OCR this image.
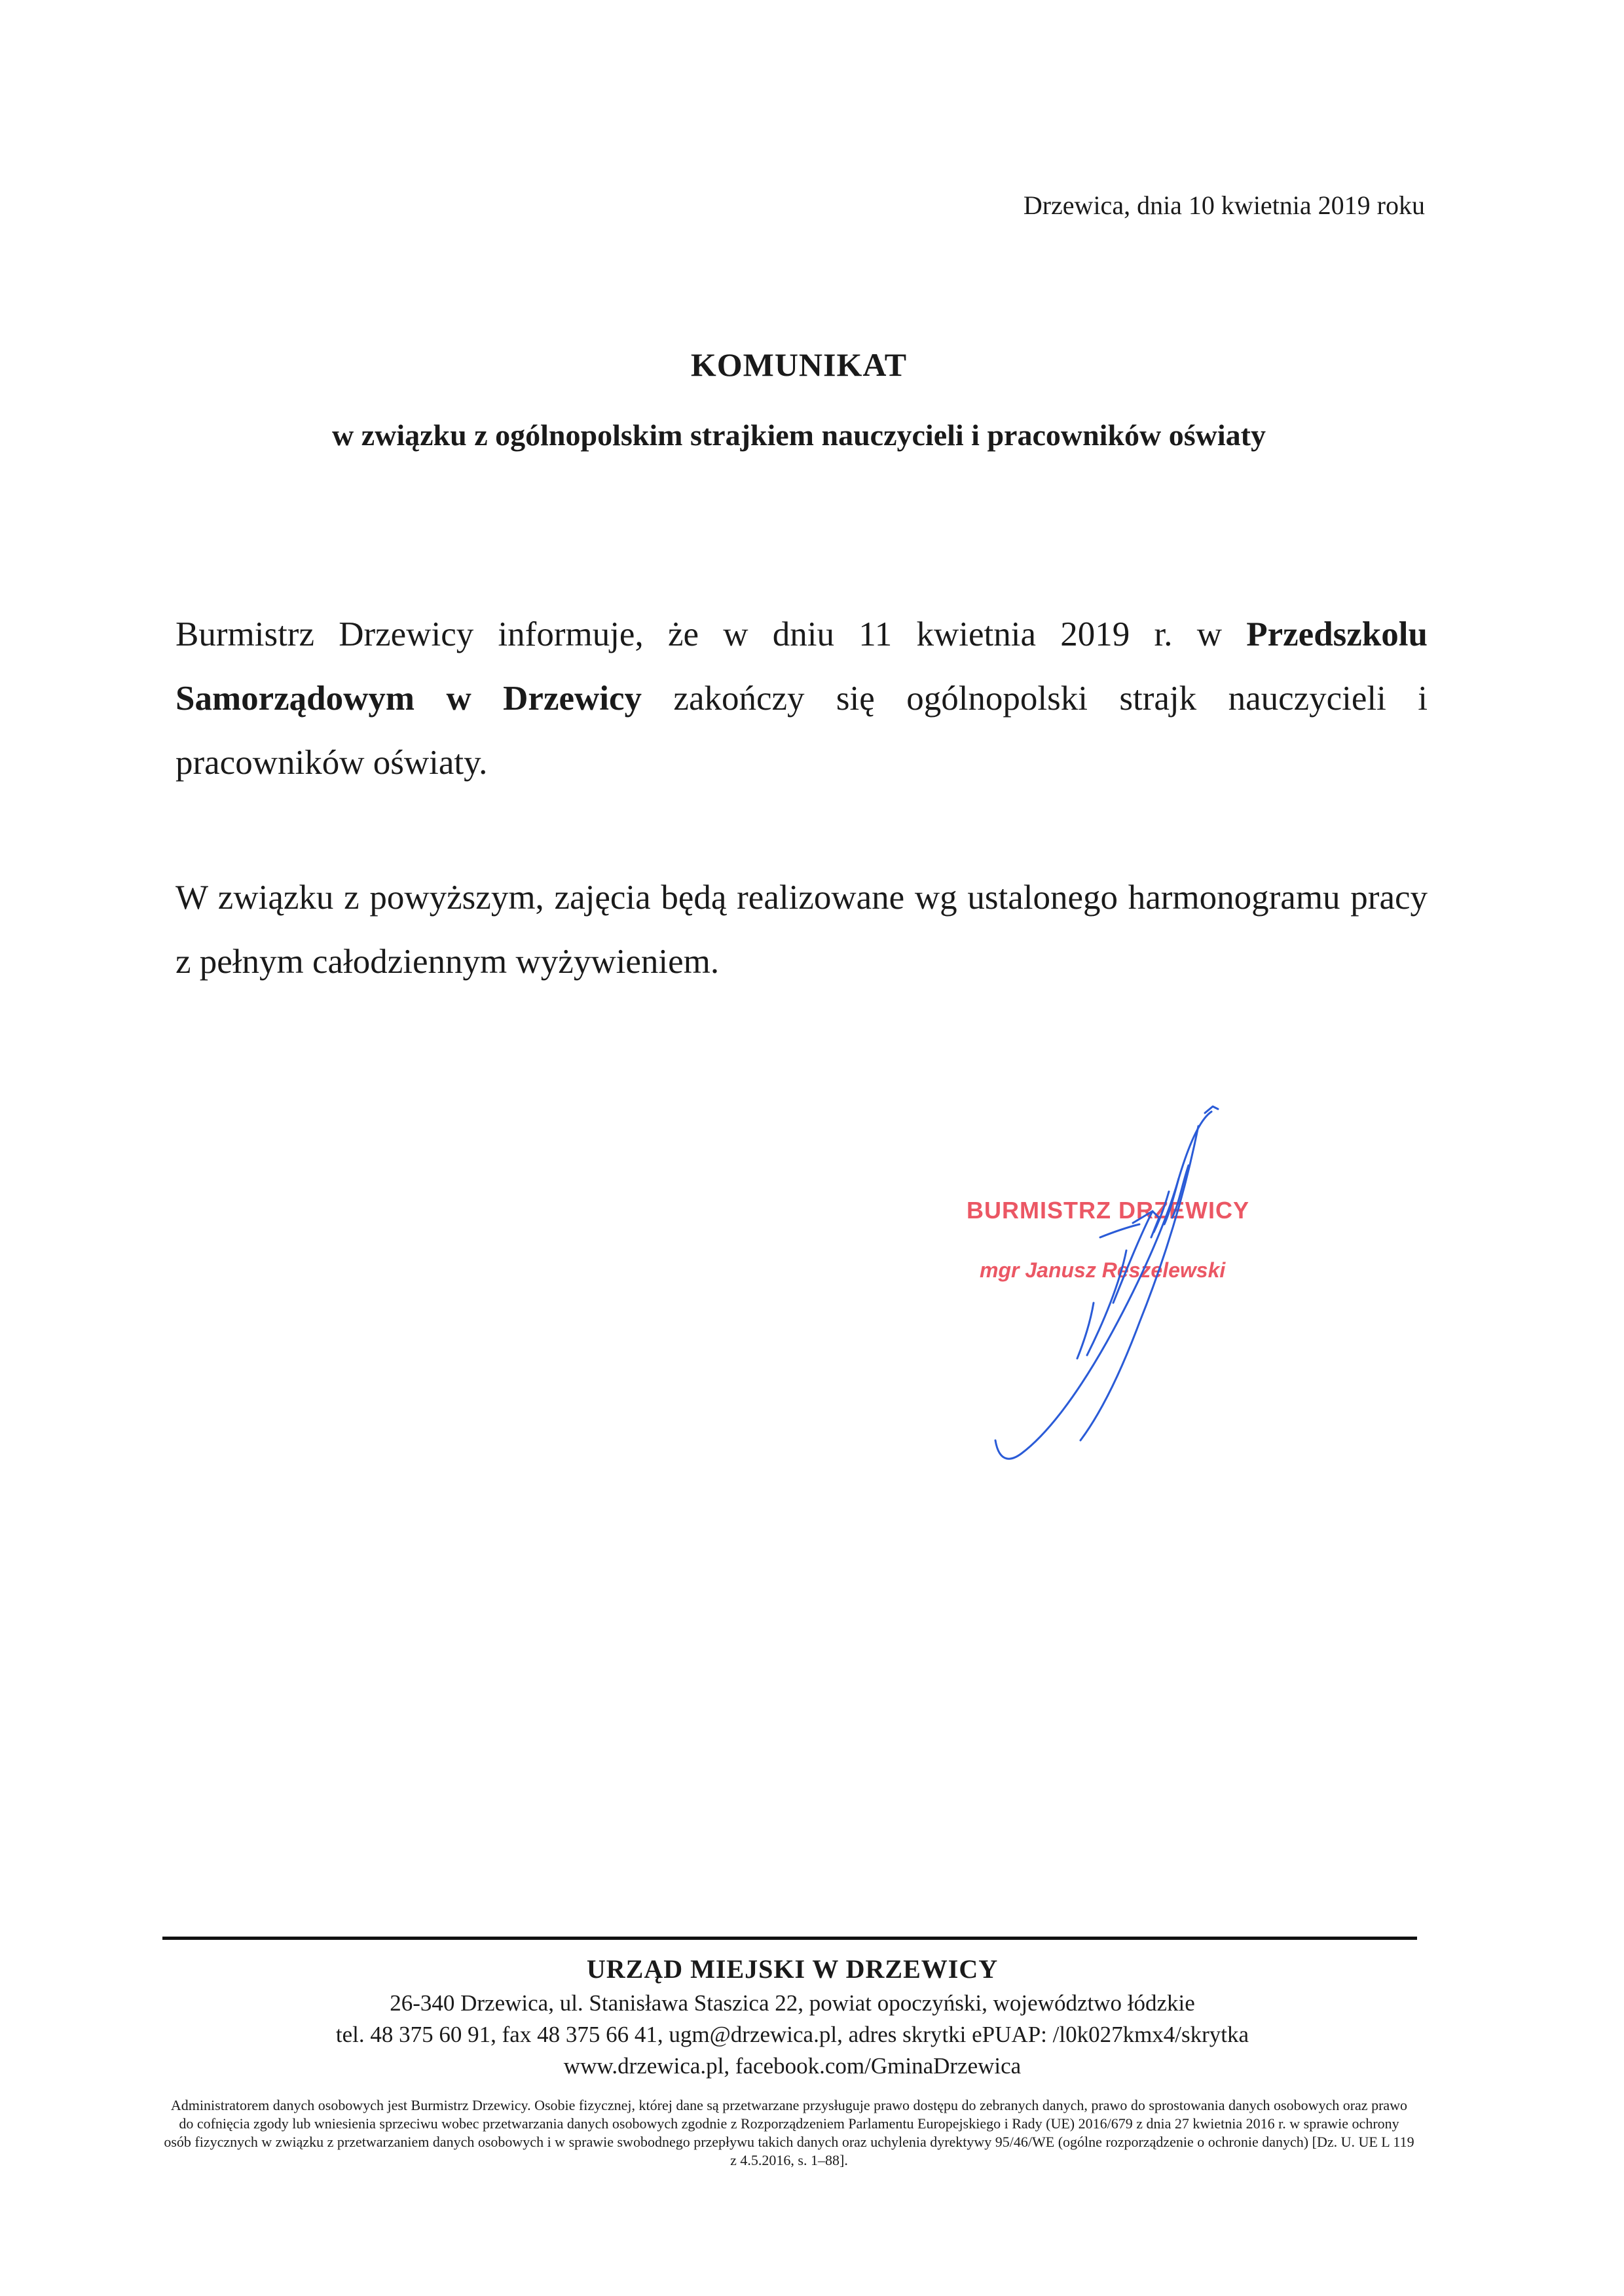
Drzewica, dnia 10 kwietnia 2019 roku
KOMUNIKAT
w związku z ogólnopolskim strajkiem nauczycieli i pracowników oświaty
Burmistrz Drzewicy informuje, że w dniu 11 kwietnia 2019 r. w Przedszkolu Samorządowym w Drzewicy zakończy się ogólnopolski strajk nauczycieli i pracowników oświaty.
W związku z powyższym, zajęcia będą realizowane wg ustalonego harmonogramu pracy z pełnym całodziennym wyżywieniem.
BURMISTRZ DRZEWICY
mgr Janusz Reszelewski
URZĄD MIEJSKI W DRZEWICY
26-340 Drzewica, ul. Stanisława Staszica 22, powiat opoczyński, województwo łódzkie
tel. 48 375 60 91, fax 48 375 66 41, ugm@drzewica.pl, adres skrytki ePUAP: /l0k027kmx4/skrytka
www.drzewica.pl, facebook.com/GminaDrzewica
Administratorem danych osobowych jest Burmistrz Drzewicy. Osobie fizycznej, której dane są przetwarzane przysługuje prawo dostępu do zebranych danych, prawo do sprostowania danych osobowych oraz prawo do cofnięcia zgody lub wniesienia sprzeciwu wobec przetwarzania danych osobowych zgodnie z Rozporządzeniem Parlamentu Europejskiego i Rady (UE) 2016/679 z dnia 27 kwietnia 2016 r. w sprawie ochrony osób fizycznych w związku z przetwarzaniem danych osobowych i w sprawie swobodnego przepływu takich danych oraz uchylenia dyrektywy 95/46/WE (ogólne rozporządzenie o ochronie danych) [Dz. U. UE L 119 z 4.5.2016, s. 1–88].
